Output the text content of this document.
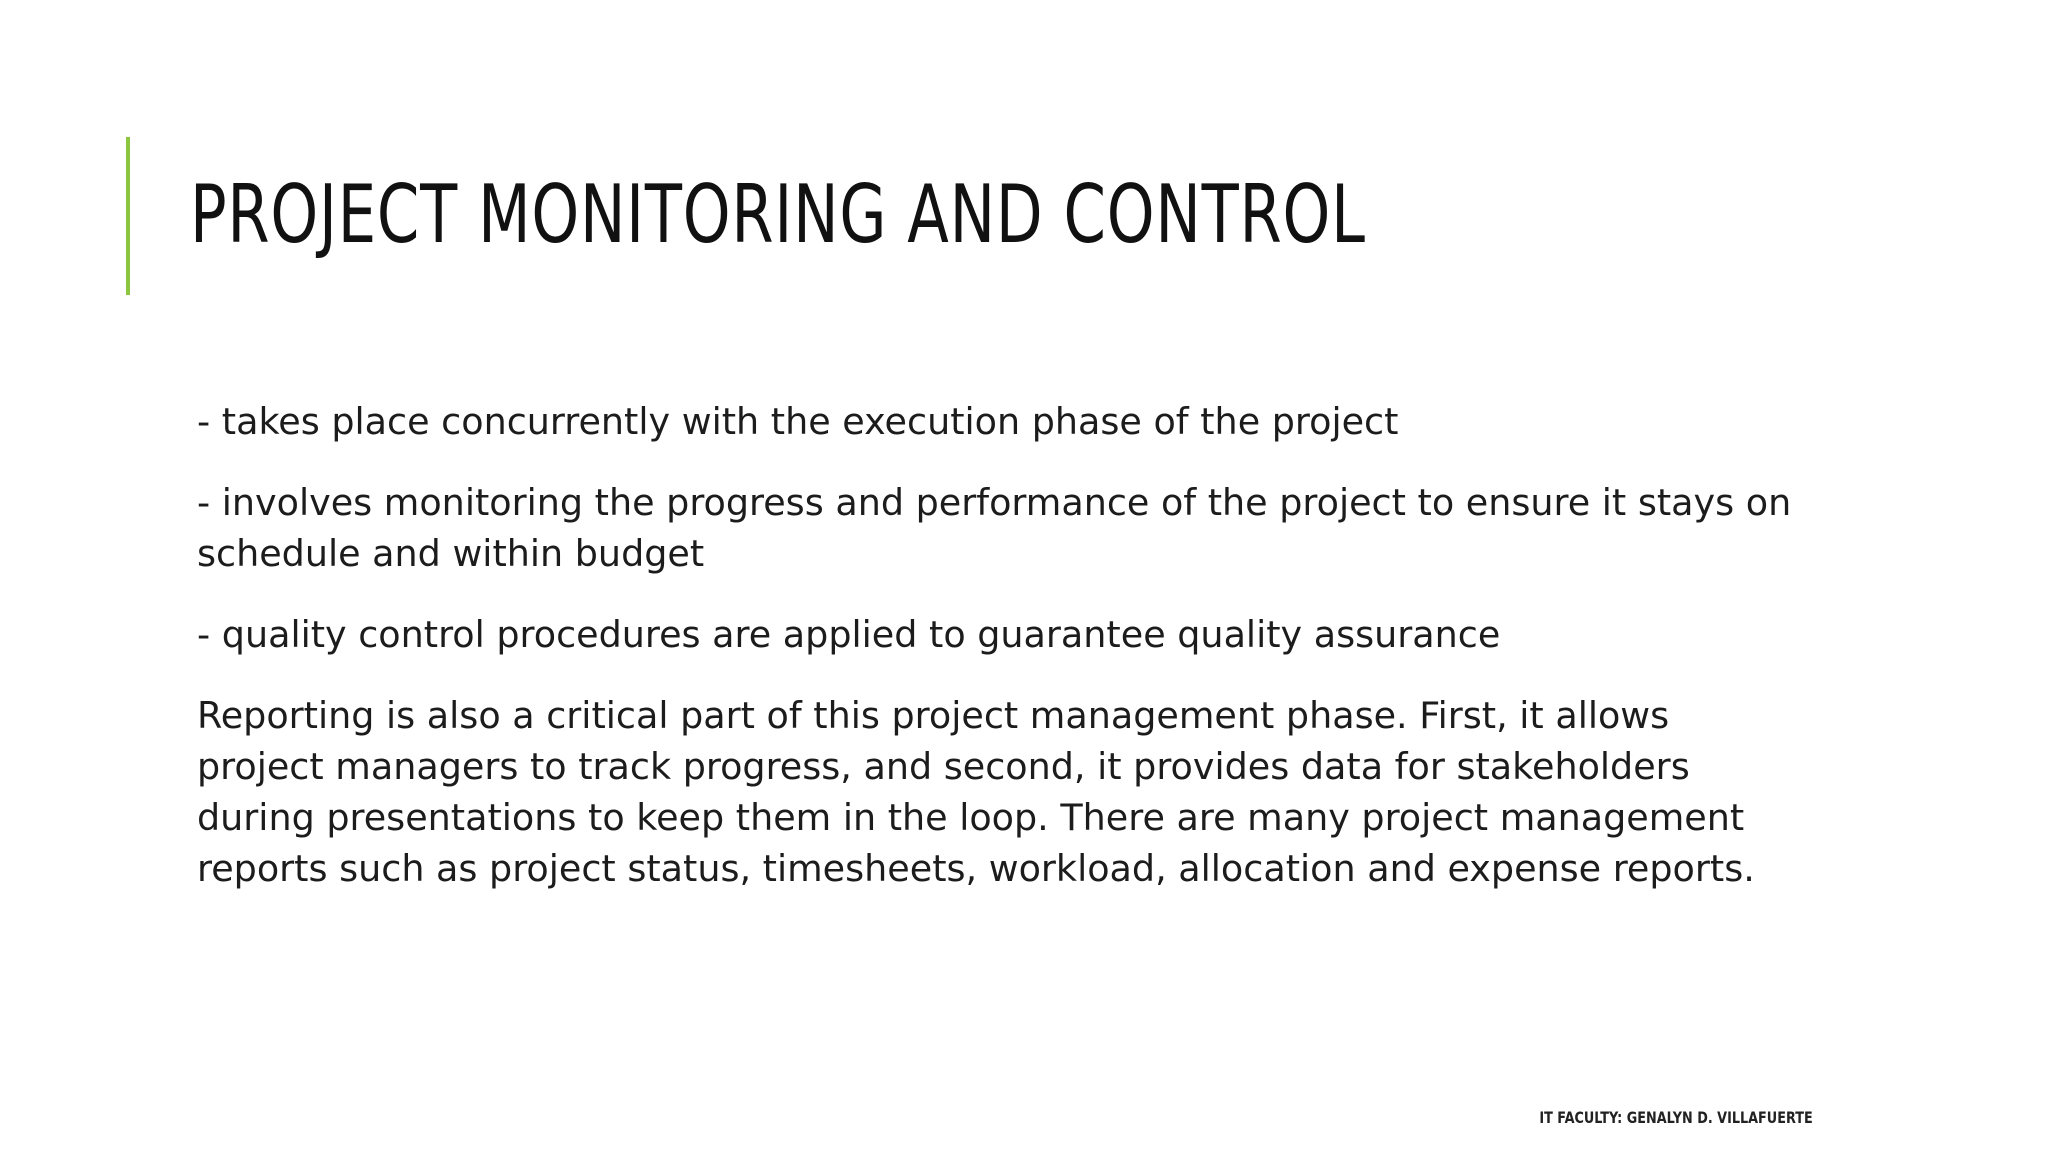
PROJECT MONITORING AND CONTROL

- takes place concurrently with the execution phase of the project

- involves monitoring the progress and performance of the project to ensure it stays on schedule and within budget

- quality control procedures are applied to guarantee quality assurance

Reporting is also a critical part of this project management phase. First, it allows project managers to track progress, and second, it provides data for stakeholders during presentations to keep them in the loop. There are many project management reports such as project status, timesheets, workload, allocation and expense reports.

IT FACULTY: GENALYN D. VILLAFUERTE
